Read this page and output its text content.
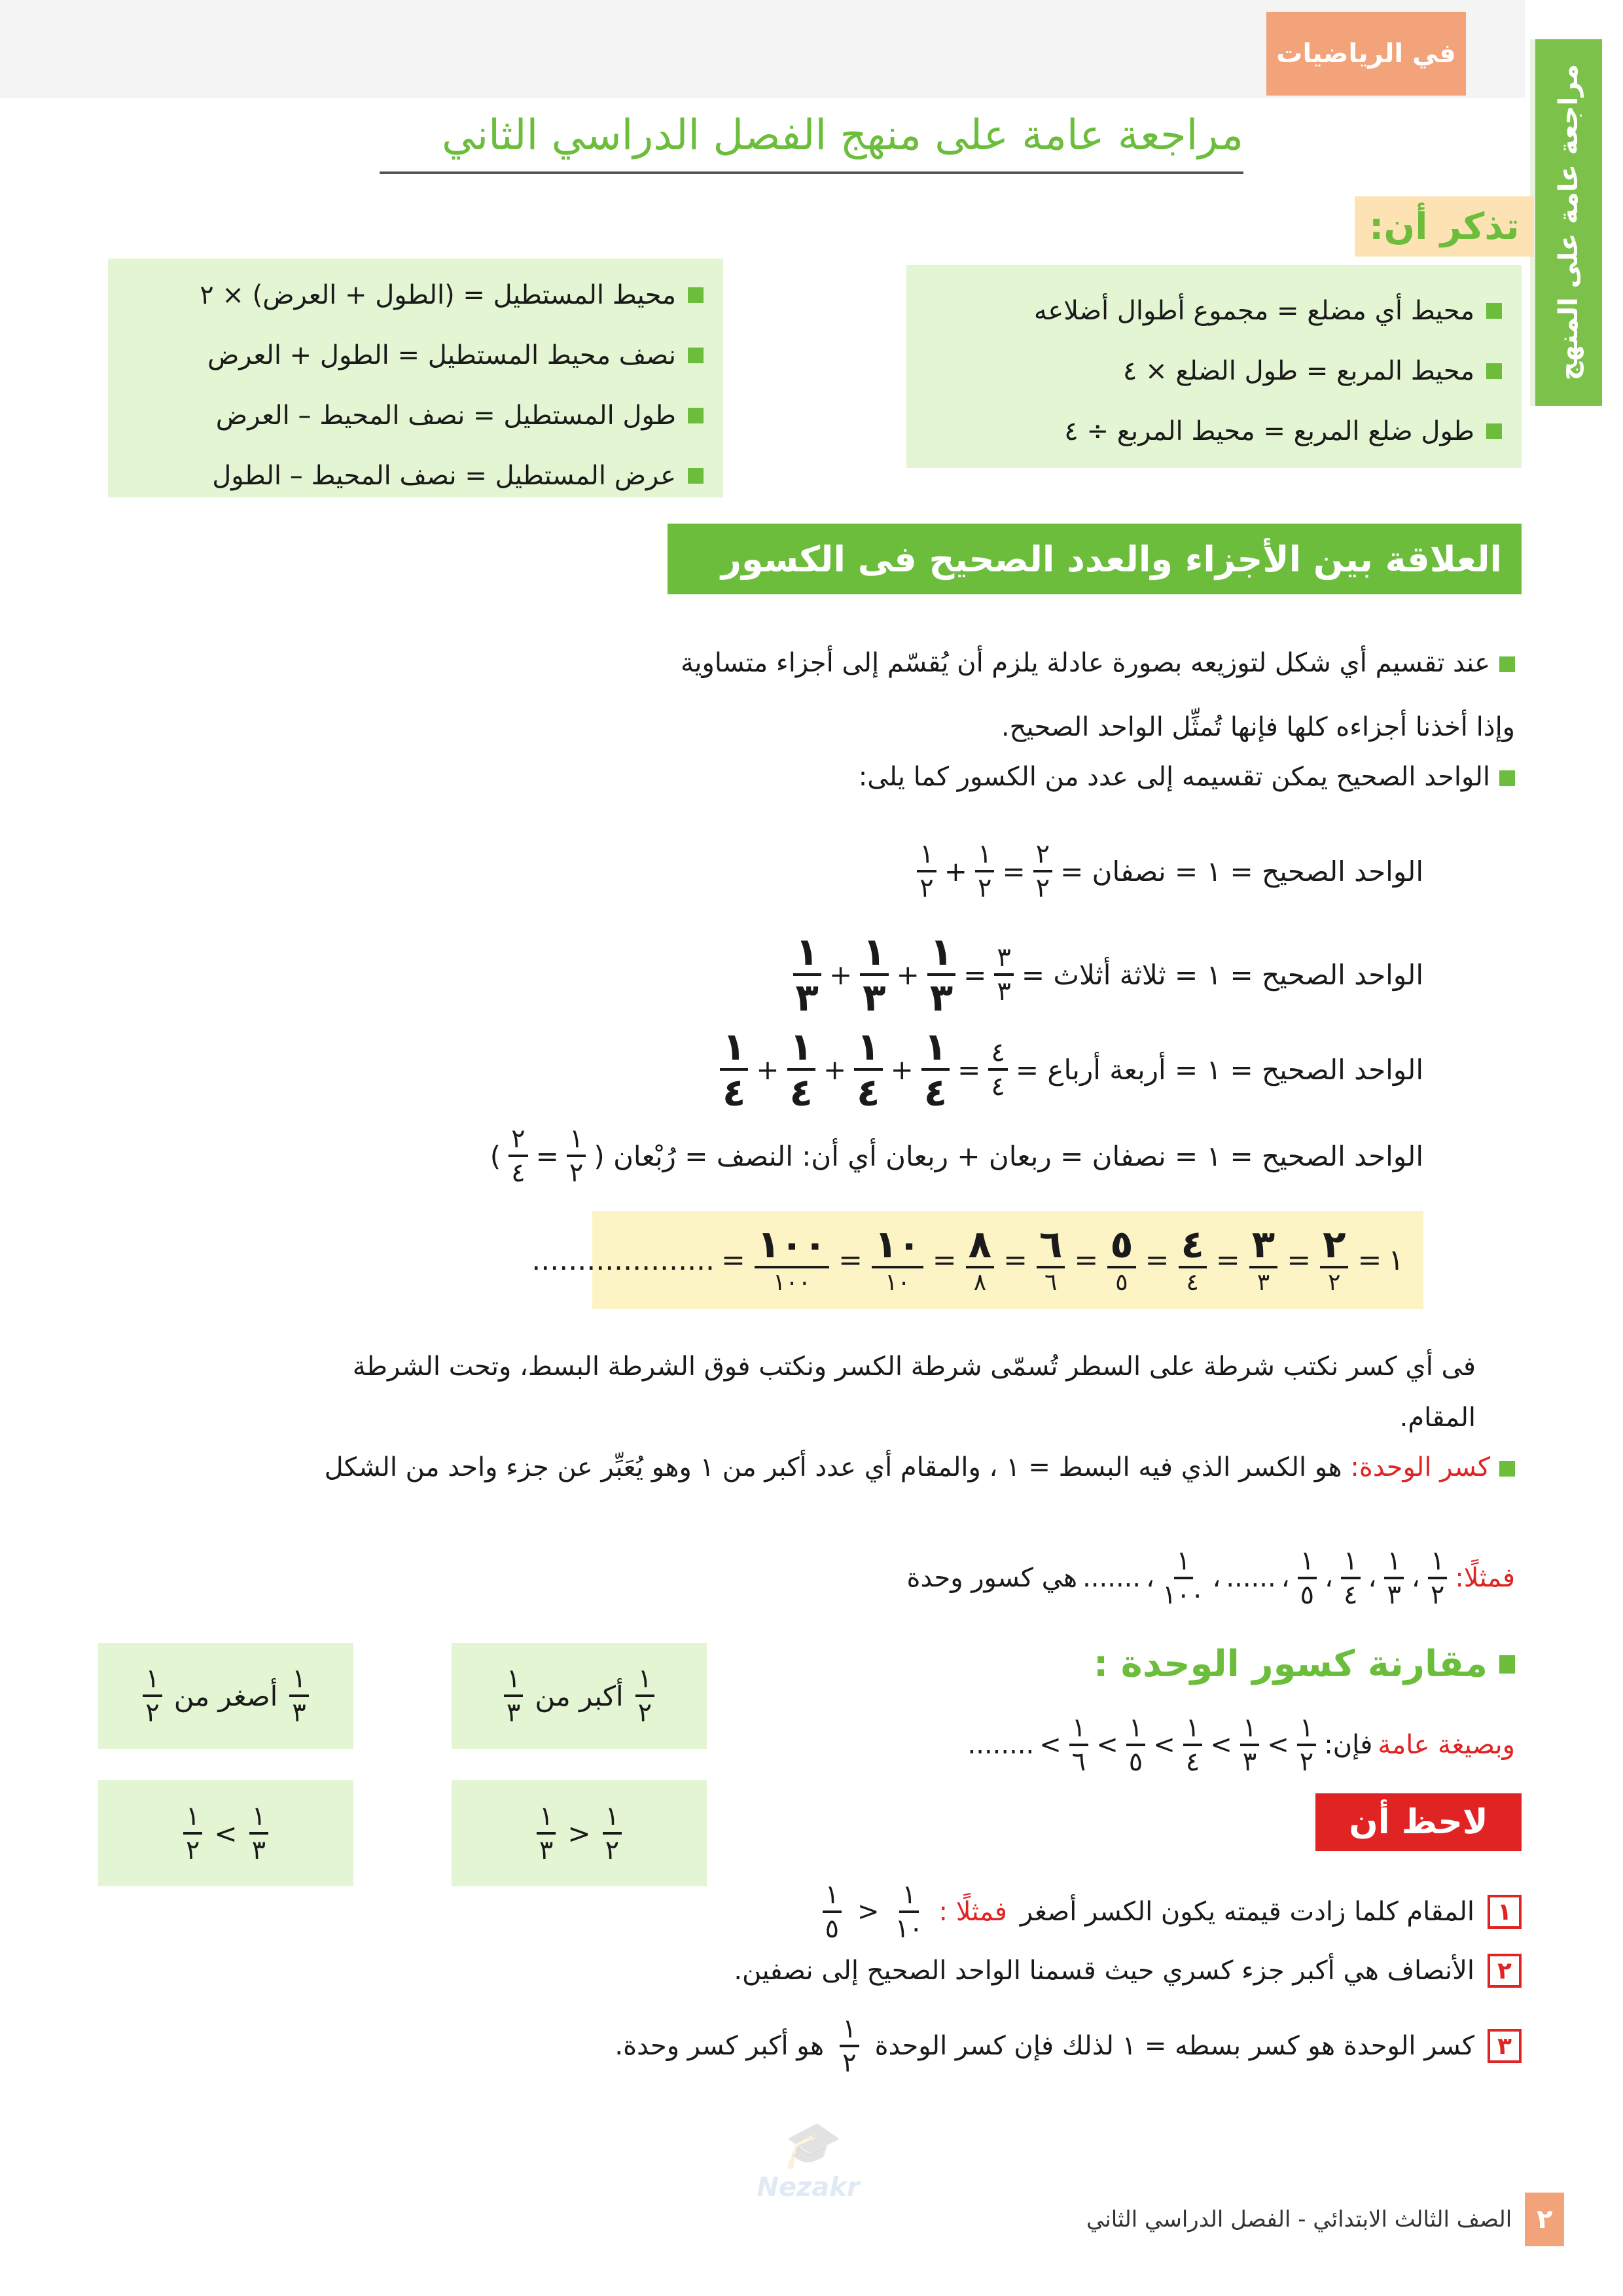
في الرياضيات
مراجعة عامة على المنهج
مراجعة عامة على منهج الفصل الدراسي الثاني
تذكر أن:
محيط أي مضلع = مجموع أطوال أضلاعه
محيط المربع = طول الضلع × ٤
طول ضلع المربع = محيط المربع ÷ ٤
محيط المستطيل = (الطول + العرض) × ٢
نصف محيط المستطيل = الطول + العرض
طول المستطيل = نصف المحيط – العرض
عرض المستطيل = نصف المحيط – الطول
العلاقة بين الأجزاء والعدد الصحيح فى الكسور
عند تقسيم أي شكل لتوزيعه بصورة عادلة يلزم أن يُقسّم إلى أجزاء متساوية
وإذا أخذنا أجزاءه كلها فإنها تُمثِّل الواحد الصحيح.
الواحد الصحيح يمكن تقسيمه إلى عدد من الكسور كما يلى:
الواحد الصحيح = ١ = نصفان =
$\frac{٢}{٢}$
=
$\frac{١}{٢}$
+
$\frac{١}{٢}$
الواحد الصحيح = ١ = ثلاثة أثلاث =
$\frac{٣}{٣}$
=
$\frac{١}{٣}$
+
$\frac{١}{٣}$
+
$\frac{١}{٣}$
الواحد الصحيح = ١ = أربعة أرباع =
$\frac{٤}{٤}$
=
$\frac{١}{٤}$
+
$\frac{١}{٤}$
+
$\frac{١}{٤}$
+
$\frac{١}{٤}$
الواحد الصحيح = ١ = نصفان = ربعان + ربعان أي أن: النصف = رُبْعان (
$\frac{١}{٢}$
=
$\frac{٢}{٤}$
)
١
=
$\frac{٢}{٢}$
=
$\frac{٣}{٣}$
=
$\frac{٤}{٤}$
=
$\frac{٥}{٥}$
=
$\frac{٦}{٦}$
=
$\frac{٨}{٨}$
=
$\frac{١٠}{١٠}$
=
$\frac{١٠٠}{١٠٠}$
=
....................
فى أي كسر نكتب شرطة على السطر تُسمّى شرطة الكسر ونكتب فوق الشرطة البسط، وتحت الشرطة
المقام.
كسر الوحدة: هو الكسر الذي فيه البسط = ١ ، والمقام أي عدد أكبر من ١ وهو يُعَبِّر عن جزء واحد من الشكل
فمثلًا:
$\frac{١}{٢}$
،
$\frac{١}{٣}$
،
$\frac{١}{٤}$
،
$\frac{١}{٥}$
،
......
،
$\frac{١}{١٠٠}$
،
.......
هي كسور وحدة
مقارنة كسور الوحدة :
وبصيغة عامة
فإن:
$\frac{١}{٢}$
>
$\frac{١}{٣}$
>
$\frac{١}{٤}$
>
$\frac{١}{٥}$
>
$\frac{١}{٦}$
>
........
$\frac{١}{٢}$
أكبر من
$\frac{١}{٣}$
$\frac{١}{٣}$
أصغر من
$\frac{١}{٢}$
$\frac{١}{٢}$
<
$\frac{١}{٣}$
$\frac{١}{٣}$
>
$\frac{١}{٢}$	لاحظ أن
١
المقام كلما زادت قيمته يكون الكسر أصغر
فمثلًا :
$\frac{١}{١٠}$
<
$\frac{١}{٥}$
٢
الأنصاف هي أكبر جزء كسري حيث قسمنا الواحد الصحيح إلى نصفين.
٣
كسر الوحدة هو كسر بسطه = ١ لذلك فإن كسر الوحدة
$\frac{١}{٢}$
هو أكبر كسر وحدة.
🎓
Nezakr
٢
الصف الثالث الابتدائي - الفصل الدراسي الثاني
